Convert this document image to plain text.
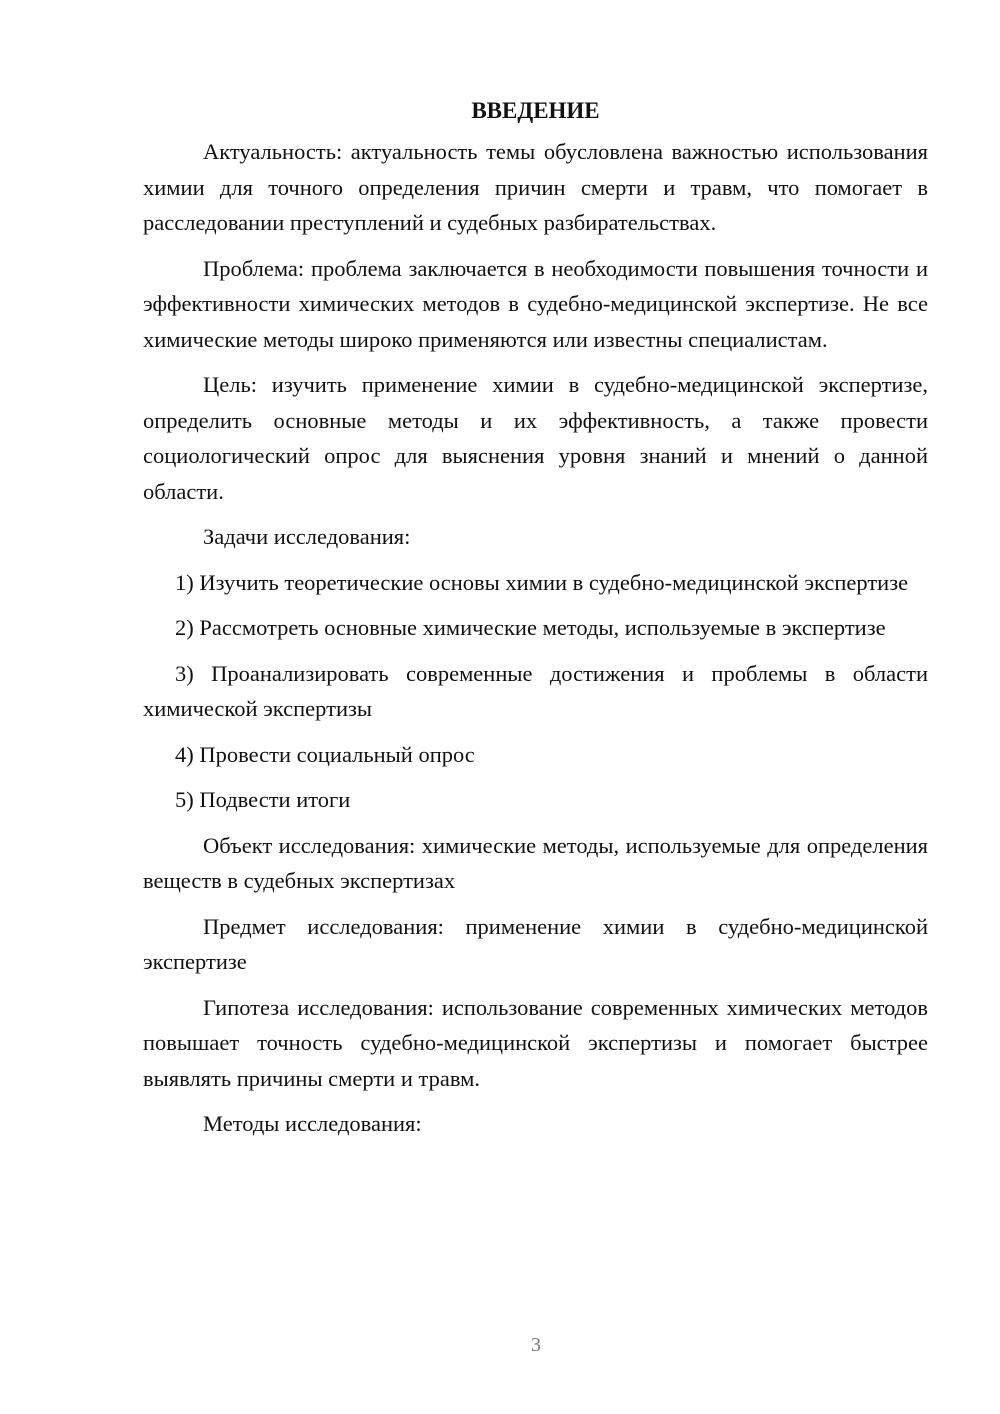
ВВЕДЕНИЕ

Актуальность: актуальность темы обусловлена важностью использования химии для точного определения причин смерти и травм, что помогает в расследовании преступлений и судебных разбирательствах.

Проблема: проблема заключается в необходимости повышения точности и эффективности химических методов в судебно-медицинской экспертизе. Не все химические методы широко применяются или известны специалистам.

Цель: изучить применение химии в судебно-медицинской экспертизе, определить основные методы и их эффективность, а также провести социологический опрос для выяснения уровня знаний и мнений о данной области.

Задачи исследования:

1) Изучить теоретические основы химии в судебно-медицинской экспертизе

2) Рассмотреть основные химические методы, используемые в экспертизе

3) Проанализировать современные достижения и проблемы в области химической экспертизы

4) Провести социальный опрос

5) Подвести итоги

Объект исследования: химические методы, используемые для определения веществ в судебных экспертизах

Предмет исследования: применение химии в судебно-медицинской экспертизе

Гипотеза исследования: использование современных химических методов повышает точность судебно-медицинской экспертизы и помогает быстрее выявлять причины смерти и травм.

Методы исследования:

3
